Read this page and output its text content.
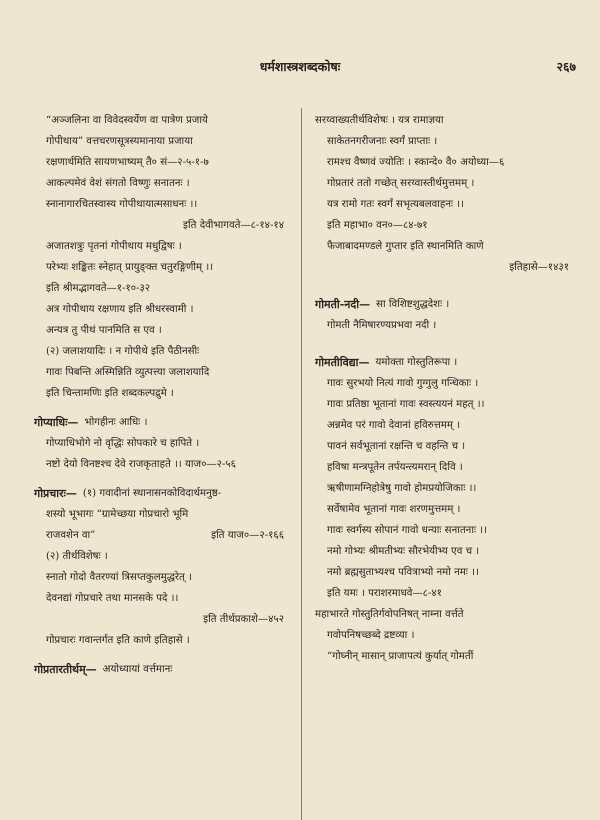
धर्मशास्त्रशब्दकोषः	२६७
“अञ्जलिना वा विवेदस्वर्येण वा पात्रेण प्रजाये
गोपीथाय” वत्तचरणसूत्रस्यमानाया प्रजाया
रक्षणार्थमिति सायणभाष्यम् तै० सं—२-५-१-७
आकल्पमेवं वेशं संगतो विष्णुः सनातनः ।
स्नानागारचितस्वास्य गोपीथायात्मसाधनः ।।
इति देवीभागवते—८-१४-१४
अजातशत्रुः पृतनां गोपीथाय मधुद्विषः ।
परेभ्यः शङ्कितः स्नेहात् प्रायुङ्क्त चतुरङ्गिणीम् ।।
इति श्रीमद्भागवते—१-१०-३२
अत्र गोपीथाय रक्षणाय इति श्रीधरस्वामी ।
अन्यत्र तु पीथं पानमिति स एव ।
(२) जलाशयादिः । न गोपीथे इति पैठीनसीः
गावः पिबन्ति अस्मिन्निति व्युत्पत्त्या जलाशयादि
इति चिन्तामणिः इति शब्दकल्पद्रुमे ।
गोप्याधिः— भोगहीनः आधिः ।
गोप्याधिभोगे नो वृद्धिः सोपकारे च हापिते ।
नष्टो देयो विनष्टश्च देवे राजकृताहते ।। याज०—२-५६
गोप्रचारः— (१) गवादीनां स्थानासनकोविदार्थमनुष्ठ-
शस्यो भूभागः “ग्रामेच्छया गोप्रचारो भूमि
राजवशेन वा”	इति याज०—२-१६६
(२) तीर्थविशेषः ।
स्नातो गोदो वैतरण्यां त्रिसप्तकुलमुद्धरेत् ।
देवनद्यां गोप्रचारे तथा मानसके पदे ।।
इति तीर्थप्रकाशे—४५२
गोप्रचारः गवान्तर्गत इति काणे इतिहासे ।
गोप्रतारतीर्थम्— अयोध्यायां वर्त्तमानः
सरय्वाख्यतीर्थविशेषः । यत्र रामाज्ञया
साकेतनगरीजनाः स्वर्गं प्राप्ताः ।
रामश्च वैष्णवं ज्योतिः । स्कान्दे० वै० अयोध्या—६
गोप्रतारं ततो गच्छेत् सरय्वास्तीर्थमुत्तमम् ।
यत्र रामो गतः स्वर्गं सभृत्यबलवाहनः ।।
इति महाभा० वन०—८४-७१
फैजाबादमण्डले गुप्तार इति स्थानमिति काणे
इतिहासे—१४३१
गोमती-नदी— सा विशिष्टशुद्धदेशः ।
गोमती नैमिषारण्यप्रभवा नदी ।
गोमतीविद्या— यमोक्ता गोस्तुतिरूपा ।
गावः सुरभयो नित्यं गावो गुग्गुलु गन्धिकाः ।
गावः प्रतिष्ठा भूतानां गावः स्वस्त्ययनं महत् ।।
अन्नमेव परं गावो देवानां हविरुत्तमम् ।
पावनं सर्वभूतानां रक्षन्ति च वहन्ति च ।
हविषा मन्त्रपूतेन तर्पयन्त्यमरान् दिवि ।
ऋषीणामग्निहोत्रेषु गावो होमप्रयोजिकाः ।।
सर्वेषामेव भूतानां गावः शरणमुत्तमम् ।
गावः स्वर्गस्य सोपानं गावो धन्याः सनातनाः ।।
नमो गोभ्यः श्रीमतीभ्यः सौरभेयीभ्य एव च ।
नमो ब्रह्मसुताभ्यश्च पवित्राभ्यो नमो नमः ।।
इति यमः । पराशरमाधवे—८-४१
महाभारते गोस्तुतिर्गवोपनिषत् नाम्ना वर्त्तते
गवोपनिषच्छब्दे द्रष्टव्या ।
“गोघ्नीन् मासान् प्राजापत्यं कुर्यात् गोमतीं
